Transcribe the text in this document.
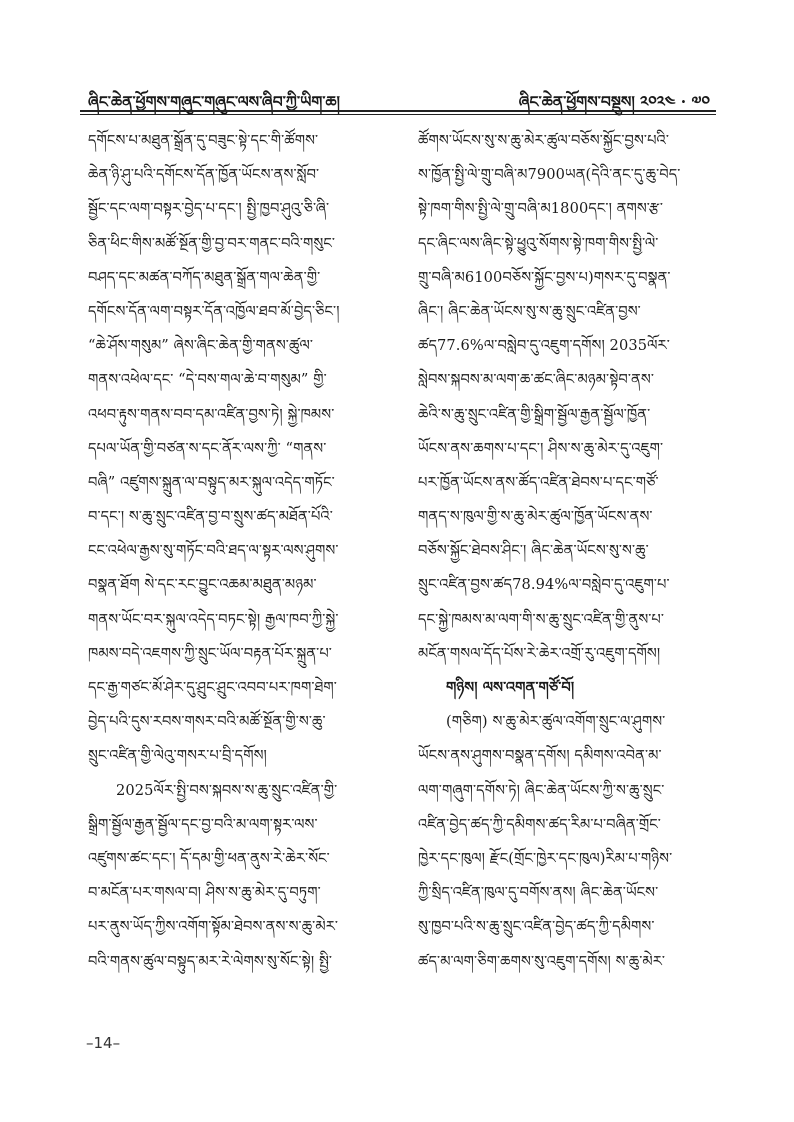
ཞིང་ཆེན་ཕྱོགས་གཞུང་གཞུང་ལས་ཞིབ་ཀྱི་ཡིག་ཆ།	ཞིང་ཆེན་ཕྱོགས་བསྡུས། ༢༠༢༤ · ༧༠
དགོངས་པ་མཐུན་སྒྲོན་དུ་བཟུང་སྟེ་དང་གི་ཚོགས་
ཆེན་ཉི་ཤུ་པའི་དགོངས་དོན་ཁྱོན་ཡོངས་ནས་སློབ་
སྦྱོང་དང་ལག་བསྟར་བྱེད་པ་དང་། སྤྱི་ཁྱབ་ཤུའུ་ཅི་ཞི་
ཅིན་ཕིང་གིས་མཚོ་སྔོན་གྱི་བྱ་བར་གནང་བའི་གསུང་
བཤད་དང་མཚན་བཀོད་མཐུན་སྒྲོན་གལ་ཆེན་གྱི་
དགོངས་དོན་ལག་བསྟར་དོན་འཁྱོལ་ཐབ་མོ་བྱེད་ཅིང་།
“ཆེ་ཤོས་གསུམ” ཞེས་ཞིང་ཆེན་གྱི་གནས་ཚུལ་
གནས་འཕེལ་དང་ “དེ་བས་གལ་ཆེ་བ་གསུམ” གྱི་
འཕབ་རྟུས་གནས་བབ་དམ་འཛིན་བྱས་ཏེ། སྐྱེ་ཁམས་
དཔལ་ཡོན་གྱི་བཙན་ས་དང་ནོར་ལས་ཀྱི་ “གནས་
བཞི” འཛུགས་སྐྲུན་ལ་བསྟུད་མར་སྐུལ་འདེད་གཏོང་
བ་དང་། ས་ཆུ་སྲུང་འཛིན་བྱ་བ་སྲུས་ཚད་མཐོན་པོའི་
ངང་འཕེལ་རྒྱས་སུ་གཏོང་བའི་ཐད་ལ་སྟར་ལས་ཤུགས་
བསྣན་ཐོག སེ་དང་རང་བྱུང་འཆམ་མཐུན་མཉམ་
གནས་ཡོང་བར་སྐུལ་འདེད་བཏང་སྟེ། རྒྱལ་ཁབ་ཀྱི་སྐྱེ་
ཁམས་བདེ་འཇགས་ཀྱི་སྲུང་ཡོལ་བརྟན་པོར་སྐྲུན་པ་
དང་རྒྱ་གཙང་མོ་ཤེར་དུ་ཤྲུང་ཤྲུང་འབབ་པར་ཁག་ཐེག་
བྱེད་པའི་དུས་རབས་གསར་བའི་མཚོ་སྔོན་གྱི་ས་ཆུ་
སྲུང་འཛིན་གྱི་ལེའུ་གསར་པ་བྲི་དགོས།
2025ལོར་སྤྱི་བས་སྐབས་ས་ཆུ་སྲུང་འཛིན་གྱི་
སྒྲིག་སྦྱོལ་རྒྱན་སྦྱོལ་དང་བྱ་བའི་མ་ལག་སྟར་ལས་
འཛུགས་ཚང་དང་། དོ་དམ་གྱི་ཕན་ནུས་རེ་ཆེར་སོང་
བ་མངོན་པར་གསལ་བ། ཤིས་ས་ཆུ་མེར་དུ་བཏུག་
པར་ནུས་ཡོད་ཀྱིས་འགོག་སྟོམ་ཐེབས་ནས་ས་ཆུ་མེར་
བའི་གནས་ཚུལ་བསྟུད་མར་རེ་ལེགས་སུ་སོང་སྟེ། སྤྱི་
ཚོགས་ཡོངས་སུ་ས་ཆུ་མེར་ཚུལ་བཅོས་སྐྱོང་བྱས་པའི་
ས་ཁྱོན་སྤྱི་ལེ་གྲུ་བཞི་མ7900ཡན(དེའི་ནང་དུ་ཆུ་བེད་
སྟེ་ཁག་གིས་སྤྱི་ལེ་གྲུ་བཞི་མ1800དང་། ནགས་རྩ་
དང་ཞིང་ལས་ཞིང་སྟེ་ཕྱུའུ་སོགས་སྟེ་ཁག་གིས་སྤྱི་ལེ་
གྲུ་བཞི་མ6100བཅོས་སྐྱོང་བྱས་པ)གསར་དུ་བསྣན་
ཞིང་། ཞིང་ཆེན་ཡོངས་སུ་ས་ཆུ་སྲུང་འཛིན་བྱས་
ཚད77.6%ལ་བསླེབ་དུ་འཇུག་དགོས། 2035ལོར་
སླེབས་སྐབས་མ་ལག་ཆ་ཚང་ཞིང་མཉམ་སྟེབ་ནས་
ཆེའི་ས་ཆུ་སྲུང་འཛིན་གྱི་སྒྲིག་སྦྱོལ་རྒྱན་སྦྱོལ་ཁྱོན་
ཡོངས་ནས་ཆགས་པ་དང་། ཤིས་ས་ཆུ་མེར་དུ་འཇུག་
པར་ཁྱོན་ཡོངས་ནས་ཚོད་འཛིན་ཐེབས་པ་དང་གཙོ་
གནད་ས་ཁུལ་གྱི་ས་ཆུ་མེར་ཚུལ་ཁྱོན་ཡོངས་ནས་
བཅོས་སྐྱོང་ཐེབས་ཤིང་། ཞིང་ཆེན་ཡོངས་སུ་ས་ཆུ་
སྲུང་འཛིན་བྱས་ཚད78.94%ལ་བསླེབ་དུ་འཇུག་པ་
དང་སྐྱེ་ཁམས་མ་ལག་གི་ས་ཆུ་སྲུང་འཛིན་གྱི་ནུས་པ་
མངོན་གསལ་དོད་པོས་རེ་ཆེར་འགྲོ་རུ་འཇུག་དགོས།
གཉིས། ལས་འགན་གཙོ་བོ།
(གཅིག) ས་ཆུ་མེར་ཚུལ་འགོག་སྲུང་ལ་ཤུགས་
ཡོངས་ནས་ཤུགས་བསྣན་དགོས། དམིགས་འབེན་མ་
ལག་གཞུག་དགོས་ཏེ། ཞིང་ཆེན་ཡོངས་ཀྱི་ས་ཆུ་སྲུང་
འཛིན་བྱེད་ཚད་ཀྱི་དམིགས་ཚད་རིམ་པ་བཞིན་གྲོང་
ཁྱེར་དང་ཁུལ། རྫོང(གྲོང་ཁྱེར་དང་ཁུལ)རིམ་པ་གཉིས་
ཀྱི་སྲིད་འཛིན་ཁུལ་དུ་བགོས་ནས། ཞིང་ཆེན་ཡོངས་
སུ་ཁྱབ་པའི་ས་ཆུ་སྲུང་འཛིན་བྱེད་ཚད་ཀྱི་དམིགས་
ཚད་མ་ལག་ཅིག་ཆགས་སུ་འཇུག་དགོས། ས་ཆུ་མེར་
–14–
